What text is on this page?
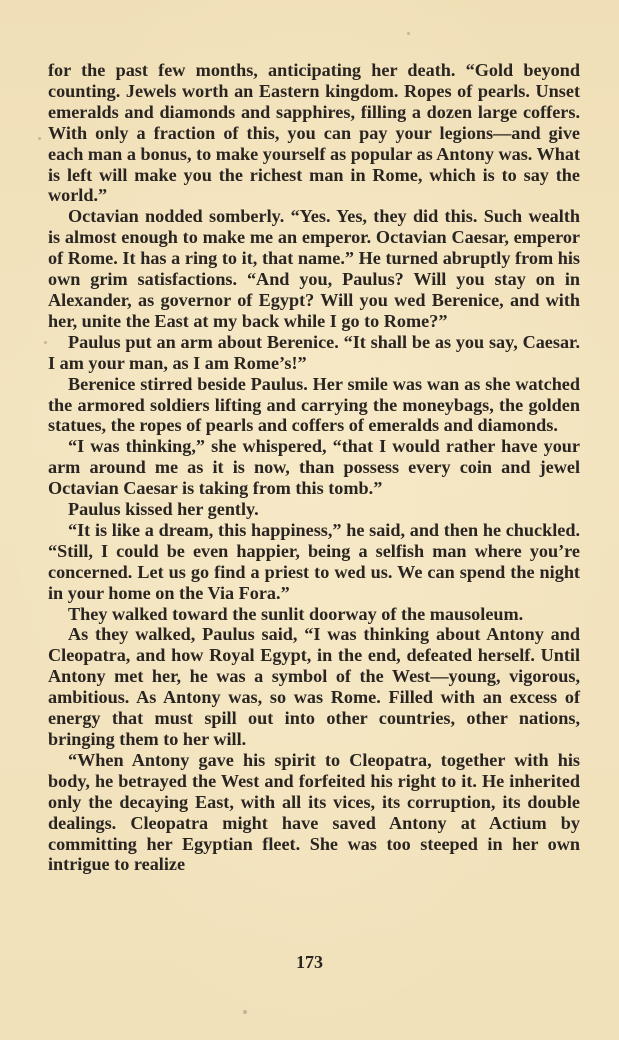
for the past few months, anticipating her death. “Gold beyond counting. Jewels worth an Eastern kingdom. Ropes of pearls. Unset emeralds and diamonds and sapphires, filling a dozen large coffers. With only a fraction of this, you can pay your legions—and give each man a bonus, to make yourself as popular as Antony was. What is left will make you the richest man in Rome, which is to say the world.”

Octavian nodded somberly. “Yes. Yes, they did this. Such wealth is almost enough to make me an emperor. Octavian Caesar, emperor of Rome. It has a ring to it, that name.” He turned abruptly from his own grim satisfactions. “And you, Paulus? Will you stay on in Alexander, as governor of Egypt? Will you wed Berenice, and with her, unite the East at my back while I go to Rome?”

Paulus put an arm about Berenice. “It shall be as you say, Caesar. I am your man, as I am Rome’s!”

Berenice stirred beside Paulus. Her smile was wan as she watched the armored soldiers lifting and carrying the moneybags, the golden statues, the ropes of pearls and coffers of emeralds and diamonds.

“I was thinking,” she whispered, “that I would rather have your arm around me as it is now, than possess every coin and jewel Octavian Caesar is taking from this tomb.”

Paulus kissed her gently.

“It is like a dream, this happiness,” he said, and then he chuckled. “Still, I could be even happier, being a selfish man where you’re concerned. Let us go find a priest to wed us. We can spend the night in your home on the Via Fora.”

They walked toward the sunlit doorway of the mausoleum.

As they walked, Paulus said, “I was thinking about Antony and Cleopatra, and how Royal Egypt, in the end, defeated herself. Until Antony met her, he was a symbol of the West—young, vigorous, ambitious. As Antony was, so was Rome. Filled with an excess of energy that must spill out into other countries, other nations, bringing them to her will.

“When Antony gave his spirit to Cleopatra, together with his body, he betrayed the West and forfeited his right to it. He inherited only the decaying East, with all its vices, its corruption, its double dealings. Cleopatra might have saved Antony at Actium by committing her Egyptian fleet. She was too steeped in her own intrigue to realize

173
